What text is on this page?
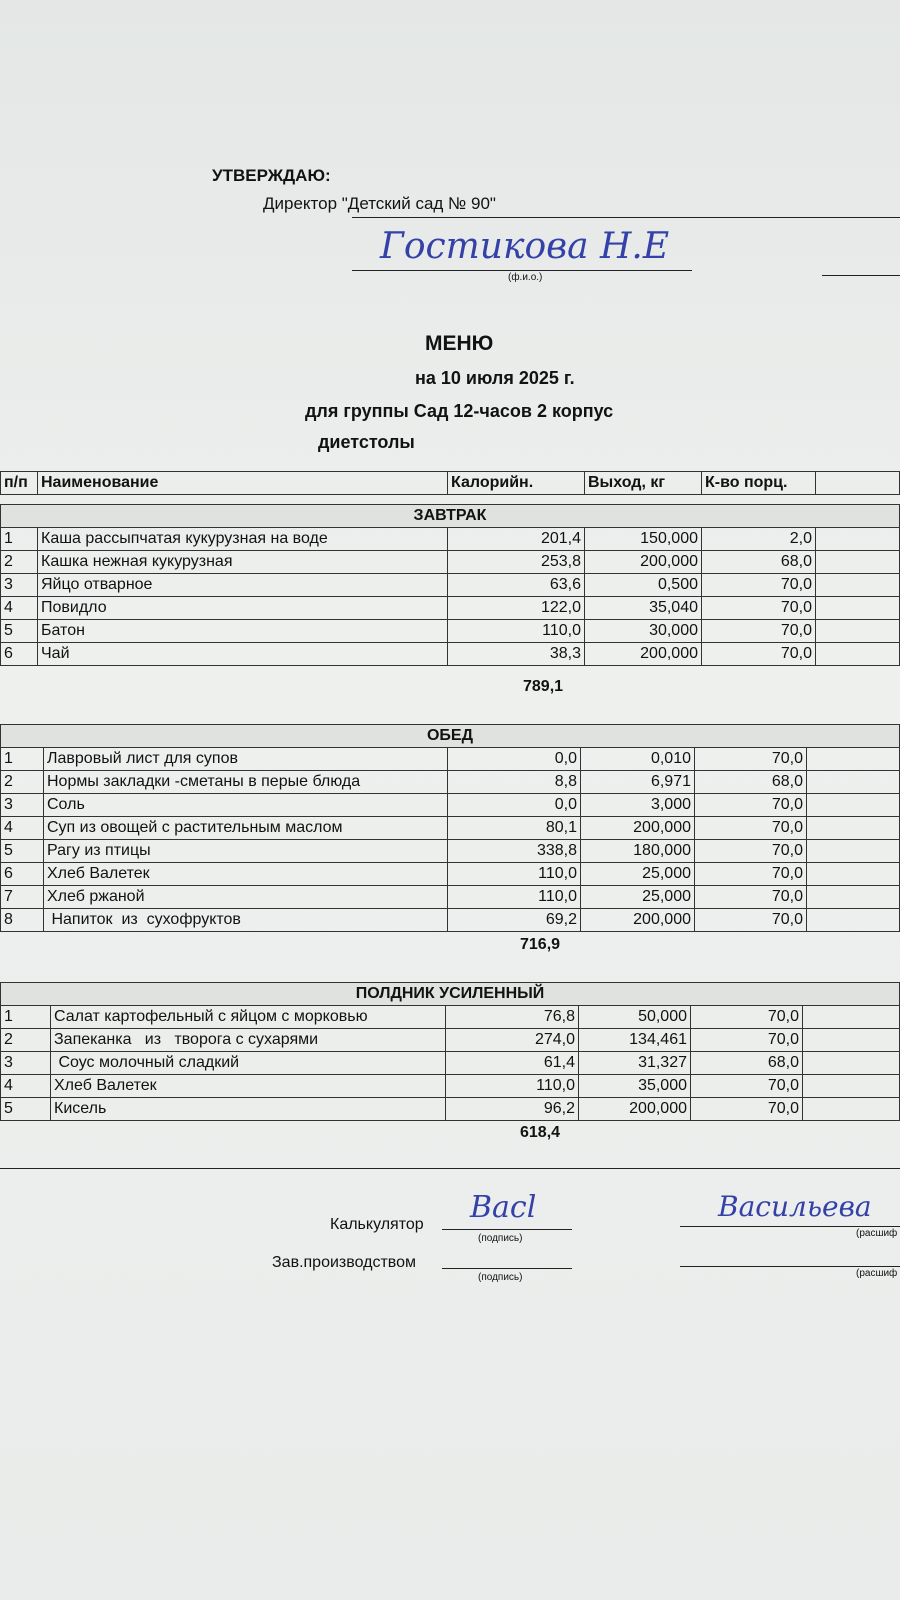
УТВЕРЖДАЮ:
Директор "Детский сад № 90"
Гостикова Н.Е
(ф.и.о.)
МЕНЮ
на 10 июля 2025 г.
для группы Сад 12-часов 2 корпус
диетстолы
п/п	Наименование	Калорийн.	Выход, кг	К-во порц.	
ЗАВТРАК					
1	Каша рассыпчатая кукурузная на воде	201,4	150,000	2,0	
2	Кашка нежная кукурузная	253,8	200,000	68,0	
3	Яйцо отварное	63,6	0,500	70,0	
4	Повидло	122,0	35,040	70,0	
5	Батон	110,0	30,000	70,0	
6	Чай	38,3	200,000	70,0	
789,1
ОБЕД					
1	Лавровый лист для супов	0,0	0,010	70,0	
2	Нормы закладки -сметаны в перые блюда	8,8	6,971	68,0	
3	Соль	0,0	3,000	70,0	
4	Суп из овощей с растительным маслом	80,1	200,000	70,0	
5	Рагу из птицы	338,8	180,000	70,0	
6	Хлеб Валетек	110,0	25,000	70,0	
7	Хлеб ржаной	110,0	25,000	70,0	
8	Напиток  из  сухофруктов	69,2	200,000	70,0	
716,9
ПОЛДНИК УСИЛЕННЫЙ					
1	Салат картофельный с яйцом с морковью	76,8	50,000	70,0	
2	Запеканка   из   творога с сухарями	274,0	134,461	70,0	
3	Соус молочный сладкий	61,4	31,327	68,0	
4	Хлеб Валетек	110,0	35,000	70,0	
5	Кисель	96,2	200,000	70,0	
618,4
Калькулятор Васl
(подпись)
Васильева
(расшиф
Зав.производством
(подпись)	(расшиф
